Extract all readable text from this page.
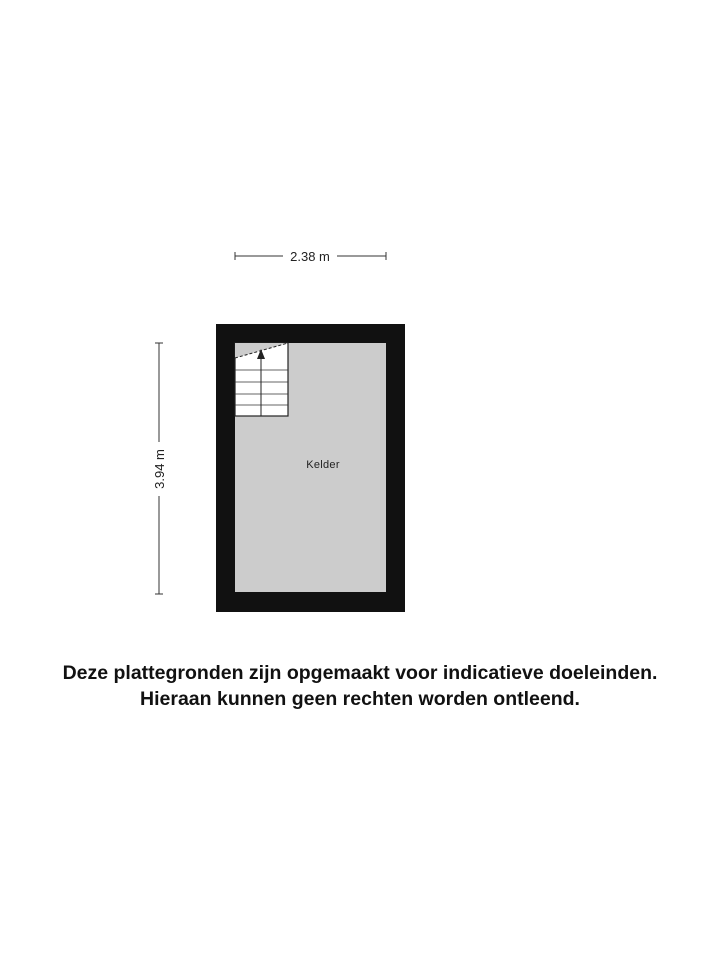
2.38 m
3.94 m	Kelder
Deze plattegronden zijn opgemaakt voor indicatieve doeleinden.
Hieraan kunnen geen rechten worden ontleend.
